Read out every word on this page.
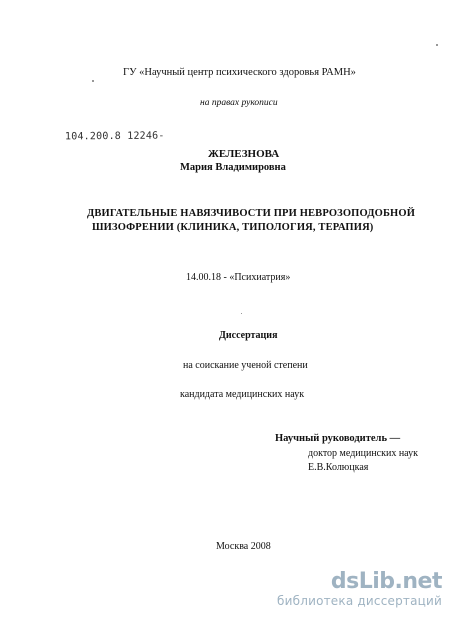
ГУ «Научный центр психического здоровья РАМН»
на правах рукописи
104.200.8 12246-
ЖЕЛЕЗНОВА
Мария Владимировна
ДВИГАТЕЛЬНЫЕ НАВЯЗЧИВОСТИ ПРИ НЕВРОЗОПОДОБНОЙ
ШИЗОФРЕНИИ (КЛИНИКА, ТИПОЛОГИЯ, ТЕРАПИЯ)
14.00.18 - «Психиатрия»
Диссертация
на соискание ученой степени
кандидата медицинских наук
Научный руководитель —
доктор медицинских наук
Е.В.Колюцкая
Москва 2008
dsLib.net
библиотека диссертаций
